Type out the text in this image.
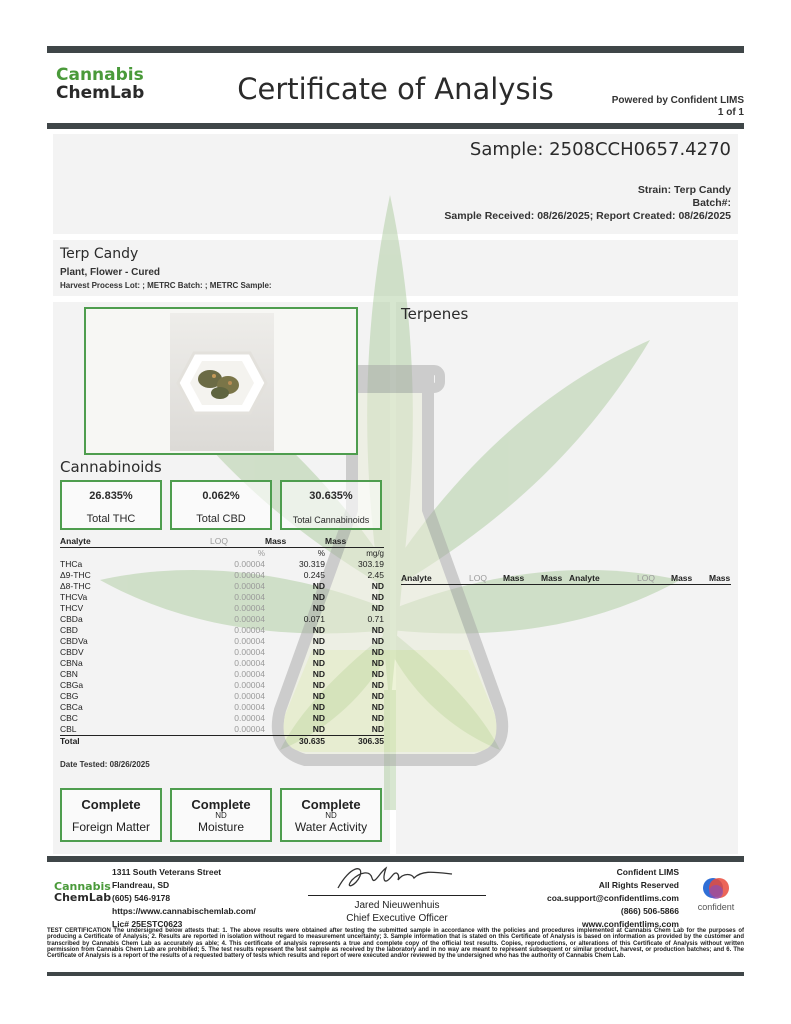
Cannabis
ChemLab	Certificate of Analysis	Powered by Confident LIMS
1 of 1
Sample: 2508CCH0657.4270
Strain: Terp Candy
Batch#:
Sample Received: 08/26/2025; Report Created: 08/26/2025
Terp Candy
Plant, Flower - Cured
Harvest Process Lot: ; METRC Batch: ; METRC Sample:
Cannabinoids
26.835%
Total THC
0.062%
Total CBD
30.635%
Total Cannabinoids
Analyte	LOQ	Mass	Mass
	%	%	mg/g
THCa	0.00004	30.319	303.19
Δ9-THC	0.00004	0.245	2.45
Δ8-THC	0.00004	ND	ND
THCVa	0.00004	ND	ND
THCV	0.00004	ND	ND
CBDa	0.00004	0.071	0.71
CBD	0.00004	ND	ND
CBDVa	0.00004	ND	ND
CBDV	0.00004	ND	ND
CBNa	0.00004	ND	ND
CBN	0.00004	ND	ND
CBGa	0.00004	ND	ND
CBG	0.00004	ND	ND
CBCa	0.00004	ND	ND
CBC	0.00004	ND	ND
CBL	0.00004	ND	ND
Total		30.635	306.35
Date Tested: 08/26/2025
Complete
Foreign Matter
Complete
ND
Moisture
Complete
ND
Water Activity
Terpenes
Analyte	LOQ Mass Mass Analyte	LOQ Mass Mass
Cannabis
ChemLab
1311 South Veterans Street
Flandreau, SD
(605) 546-9178
https://www.cannabischemlab.com/
Lic# 25ESTC0623
Jared Nieuwenhuis
Chief Executive Officer
Confident LIMS
All Rights Reserved
coa.support@confidentlims.com
(866) 506-5866
www.confidentlims.com
confident
TEST CERTIFICATION The undersigned below attests that: 1. The above results were obtained after testing the submitted sample in accordance with the policies and procedures implemented at Cannabis Chem Lab for the purposes of producing a Certificate of Analysis; 2. Results are reported in isolation without regard to measurement uncertainty; 3. Sample information that is stated on this Certificate of Analysis is based on information as provided by the customer and transcribed by Cannabis Chem Lab as accurately as able; 4. This certificate of analysis represents a true and complete copy of the official test results. Copies, reproductions, or alterations of this Certificate of Analysis without written permission from Cannabis Chem Lab are prohibited; 5. The test results represent the test sample as received by the laboratory and in no way are meant to represent subsequent or similar product, harvest, or production batches; and 6. The Certificate of Analysis is a report of the results of a requested battery of tests which results and report of were executed and/or reviewed by the undersigned who has the authority of Cannabis Chem Lab.
